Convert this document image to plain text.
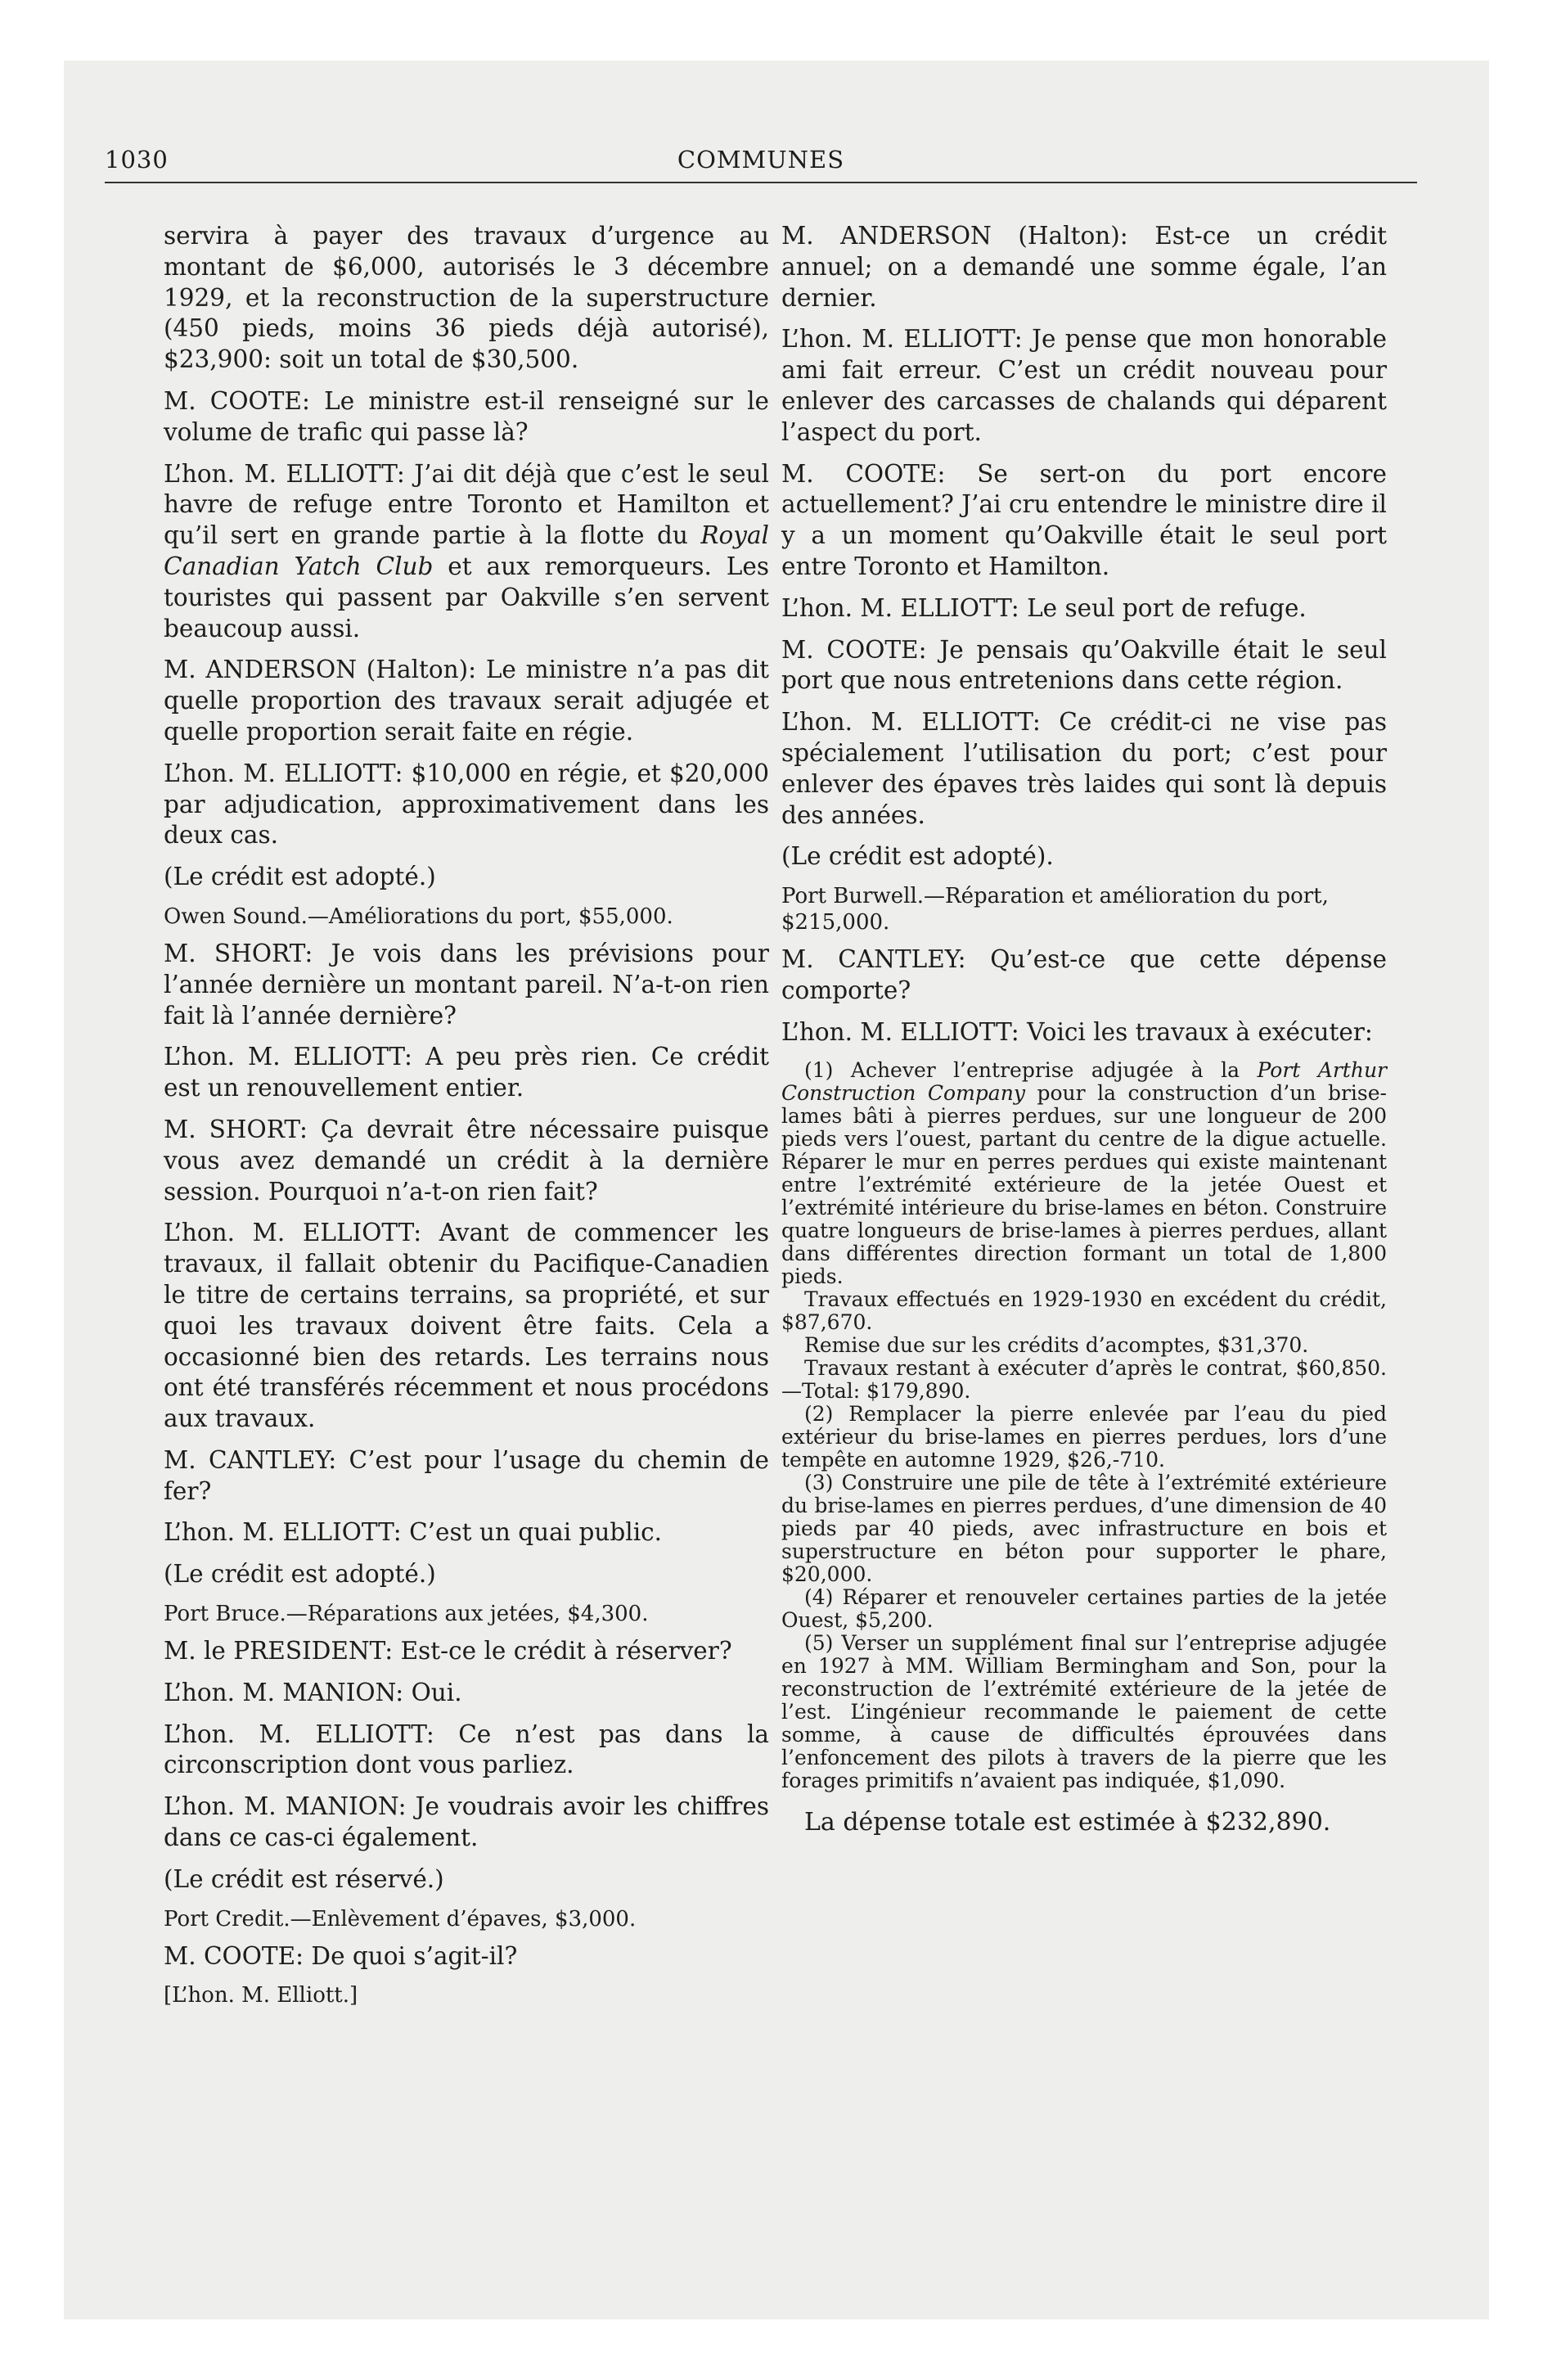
1030	COMMUNES

servira à payer des travaux d’urgence au montant de $6,000, autorisés le 3 décembre 1929, et la reconstruction de la superstructure (450 pieds, moins 36 pieds déjà autorisé), $23,900: soit un total de $30,500.

M. COOTE: Le ministre est-il renseigné sur le volume de trafic qui passe là?

L’hon. M. ELLIOTT: J’ai dit déjà que c’est le seul havre de refuge entre Toronto et Hamilton et qu’il sert en grande partie à la flotte du Royal Canadian Yatch Club et aux remorqueurs. Les touristes qui passent par Oakville s’en servent beaucoup aussi.

M. ANDERSON (Halton): Le ministre n’a pas dit quelle proportion des travaux serait adjugée et quelle proportion serait faite en régie.

L’hon. M. ELLIOTT: $10,000 en régie, et $20,000 par adjudication, approximativement dans les deux cas.

(Le crédit est adopté.)

Owen Sound.—Améliorations du port, $55,000.

M. SHORT: Je vois dans les prévisions pour l’année dernière un montant pareil. N’a-t-on rien fait là l’année dernière?

L’hon. M. ELLIOTT: A peu près rien. Ce crédit est un renouvellement entier.

M. SHORT: Ça devrait être nécessaire puisque vous avez demandé un crédit à la dernière session. Pourquoi n’a-t-on rien fait?

L’hon. M. ELLIOTT: Avant de commencer les travaux, il fallait obtenir du Pacifique-Canadien le titre de certains terrains, sa propriété, et sur quoi les travaux doivent être faits. Cela a occasionné bien des retards. Les terrains nous ont été transférés récemment et nous procédons aux travaux.

M. CANTLEY: C’est pour l’usage du chemin de fer?

L’hon. M. ELLIOTT: C’est un quai public.

(Le crédit est adopté.)

Port Bruce.—Réparations aux jetées, $4,300.

M. le PRESIDENT: Est-ce le crédit à réserver?

L’hon. M. MANION: Oui.

L’hon. M. ELLIOTT: Ce n’est pas dans la circonscription dont vous parliez.

L’hon. M. MANION: Je voudrais avoir les chiffres dans ce cas-ci également.

(Le crédit est réservé.)

Port Credit.—Enlèvement d’épaves, $3,000.

M. COOTE: De quoi s’agit-il?

[L’hon. M. Elliott.]

M. ANDERSON (Halton): Est-ce un crédit annuel; on a demandé une somme égale, l’an dernier.

L’hon. M. ELLIOTT: Je pense que mon honorable ami fait erreur. C’est un crédit nouveau pour enlever des carcasses de chalands qui déparent l’aspect du port.

M. COOTE: Se sert-on du port encore actuellement? J’ai cru entendre le ministre dire il y a un moment qu’Oakville était le seul port entre Toronto et Hamilton.

L’hon. M. ELLIOTT: Le seul port de refuge.

M. COOTE: Je pensais qu’Oakville était le seul port que nous entretenions dans cette région.

L’hon. M. ELLIOTT: Ce crédit-ci ne vise pas spécialement l’utilisation du port; c’est pour enlever des épaves très laides qui sont là depuis des années.

(Le crédit est adopté).

Port Burwell.—Réparation et amélioration du port, $215,000.

M. CANTLEY: Qu’est-ce que cette dépense comporte?

L’hon. M. ELLIOTT: Voici les travaux à exécuter:

(1) Achever l’entreprise adjugée à la Port Arthur Construction Company pour la construction d’un brise-lames bâti à pierres perdues, sur une longueur de 200 pieds vers l’ouest, partant du centre de la digue actuelle. Réparer le mur en perres perdues qui existe maintenant entre l’extrémité extérieure de la jetée Ouest et l’extrémité intérieure du brise-lames en béton. Construire quatre longueurs de brise-lames à pierres perdues, allant dans différentes direction formant un total de 1,800 pieds.

Travaux effectués en 1929-1930 en excédent du crédit, $87,670.

Remise due sur les crédits d’acomptes, $31,370.

Travaux restant à exécuter d’après le contrat, $60,850.—Total: $179,890.

(2) Remplacer la pierre enlevée par l’eau du pied extérieur du brise-lames en pierres perdues, lors d’une tempête en automne 1929, $26,-710.

(3) Construire une pile de tête à l’extrémité extérieure du brise-lames en pierres perdues, d’une dimension de 40 pieds par 40 pieds, avec infrastructure en bois et superstructure en béton pour supporter le phare, $20,000.

(4) Réparer et renouveler certaines parties de la jetée Ouest, $5,200.

(5) Verser un supplément final sur l’entreprise adjugée en 1927 à MM. William Bermingham and Son, pour la reconstruction de l’extrémité extérieure de la jetée de l’est. L’ingénieur recommande le paiement de cette somme, à cause de difficultés éprouvées dans l’enfoncement des pilots à travers de la pierre que les forages primitifs n’avaient pas indiquée, $1,090.

La dépense totale est estimée à $232,890.
